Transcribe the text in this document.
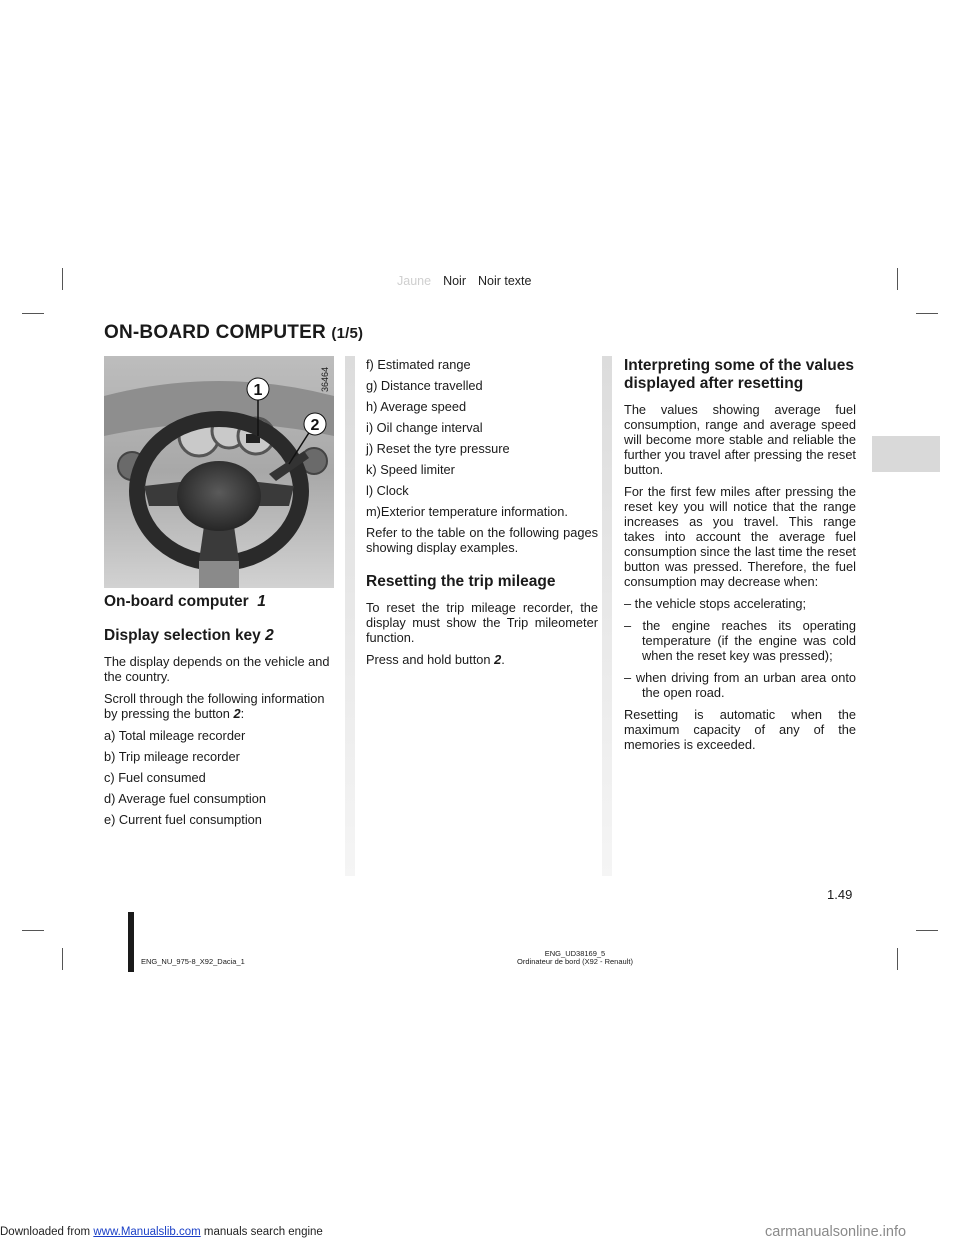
Jaune Noir Noir texte
ON-BOARD COMPUTER (1/5)
1
2
36464
On-board computer 1
Display selection key 2

The display depends on the vehicle and the country.

Scroll through the following information by pressing the button 2:

a) Total mileage recorder

b) Trip mileage recorder

c) Fuel consumed

d) Average fuel consumption

e) Current fuel consumption

f) Estimated range

g) Distance travelled

h) Average speed

i) Oil change interval

j) Reset the tyre pressure

k) Speed limiter

l) Clock

m)Exterior temperature information.

Refer to the table on the following pages showing display examples.

Resetting the trip mileage

To reset the trip mileage recorder, the display must show the Trip mileometer function.

Press and hold button 2.

Interpreting some of the values displayed after resetting

The values showing average fuel consumption, range and average speed will become more stable and reliable the further you travel after pressing the reset button.

For the first few miles after pressing the reset key you will notice that the range increases as you travel. This range takes into account the average fuel consumption since the last time the reset button was pressed. Therefore, the fuel consumption may decrease when:

– the vehicle stops accelerating;

– the engine reaches its operating temperature (if the engine was cold when the reset key was pressed);

– when driving from an urban area onto the open road.

Resetting is automatic when the maximum capacity of any of the memories is exceeded.

1.49
ENG_NU_975-8_X92_Dacia_1
ENG_UD38169_5
Ordinateur de bord (X92 - Renault)
Downloaded from www.Manualslib.com manuals search engine	carmanualsonline.info
